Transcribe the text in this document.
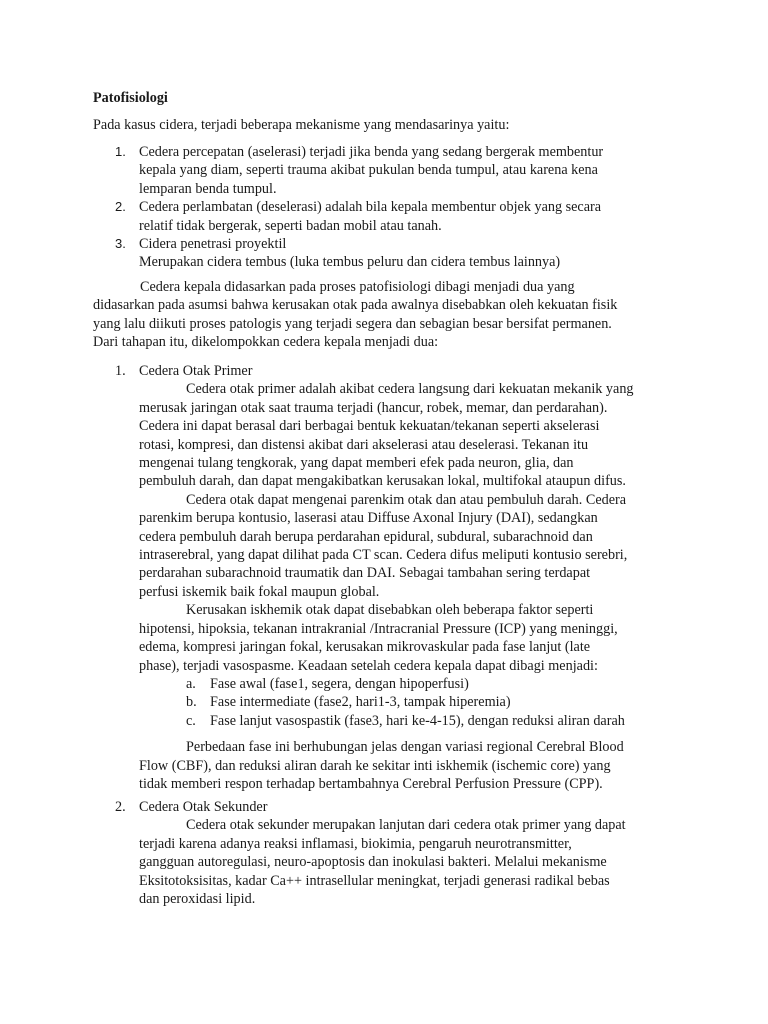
Patofisiologi
Pada kasus cidera, terjadi beberapa mekanisme yang mendasarinya yaitu:
1. Cedera percepatan (aselerasi) terjadi jika benda yang sedang bergerak membentur
kepala yang diam, seperti trauma akibat pukulan benda tumpul, atau karena kena
lemparan benda tumpul.
2. Cedera perlambatan (deselerasi) adalah bila kepala membentur objek yang secara
relatif tidak bergerak, seperti badan mobil atau tanah.
3. Cidera penetrasi proyektil
Merupakan cidera tembus (luka tembus peluru dan cidera tembus lainnya)
Cedera kepala didasarkan pada proses patofisiologi dibagi menjadi dua yang
didasarkan pada asumsi bahwa kerusakan otak pada awalnya disebabkan oleh kekuatan fisik
yang lalu diikuti proses patologis yang terjadi segera dan sebagian besar bersifat permanen.
Dari tahapan itu, dikelompokkan cedera kepala menjadi dua:
1. Cedera Otak Primer
Cedera otak primer adalah akibat cedera langsung dari kekuatan mekanik yang
merusak jaringan otak saat trauma terjadi (hancur, robek, memar, dan perdarahan).
Cedera ini dapat berasal dari berbagai bentuk kekuatan/tekanan seperti akselerasi
rotasi, kompresi, dan distensi akibat dari akselerasi atau deselerasi. Tekanan itu
mengenai tulang tengkorak, yang dapat memberi efek pada neuron, glia, dan
pembuluh darah, dan dapat mengakibatkan kerusakan lokal, multifokal ataupun difus.
Cedera otak dapat mengenai parenkim otak dan atau pembuluh darah. Cedera
parenkim berupa kontusio, laserasi atau Diffuse Axonal Injury (DAI), sedangkan
cedera pembuluh darah berupa perdarahan epidural, subdural, subarachnoid dan
intraserebral, yang dapat dilihat pada CT scan. Cedera difus meliputi kontusio serebri,
perdarahan subarachnoid traumatik dan DAI. Sebagai tambahan sering terdapat
perfusi iskemik baik fokal maupun global.
Kerusakan iskhemik otak dapat disebabkan oleh beberapa faktor seperti
hipotensi, hipoksia, tekanan intrakranial /Intracranial Pressure (ICP) yang meninggi,
edema, kompresi jaringan fokal, kerusakan mikrovaskular pada fase lanjut (late
phase), terjadi vasospasme. Keadaan setelah cedera kepala dapat dibagi menjadi:
a. Fase awal (fase1, segera, dengan hipoperfusi)
b. Fase intermediate (fase2, hari1-3, tampak hiperemia)
c. Fase lanjut vasospastik (fase3, hari ke-4-15), dengan reduksi aliran darah
Perbedaan fase ini berhubungan jelas dengan variasi regional Cerebral Blood
Flow (CBF), dan reduksi aliran darah ke sekitar inti iskhemik (ischemic core) yang
tidak memberi respon terhadap bertambahnya Cerebral Perfusion Pressure (CPP).
2. Cedera Otak Sekunder
Cedera otak sekunder merupakan lanjutan dari cedera otak primer yang dapat
terjadi karena adanya reaksi inflamasi, biokimia, pengaruh neurotransmitter,
gangguan autoregulasi, neuro-apoptosis dan inokulasi bakteri. Melalui mekanisme
Eksitotoksisitas, kadar Ca++ intrasellular meningkat, terjadi generasi radikal bebas
dan peroxidasi lipid.
